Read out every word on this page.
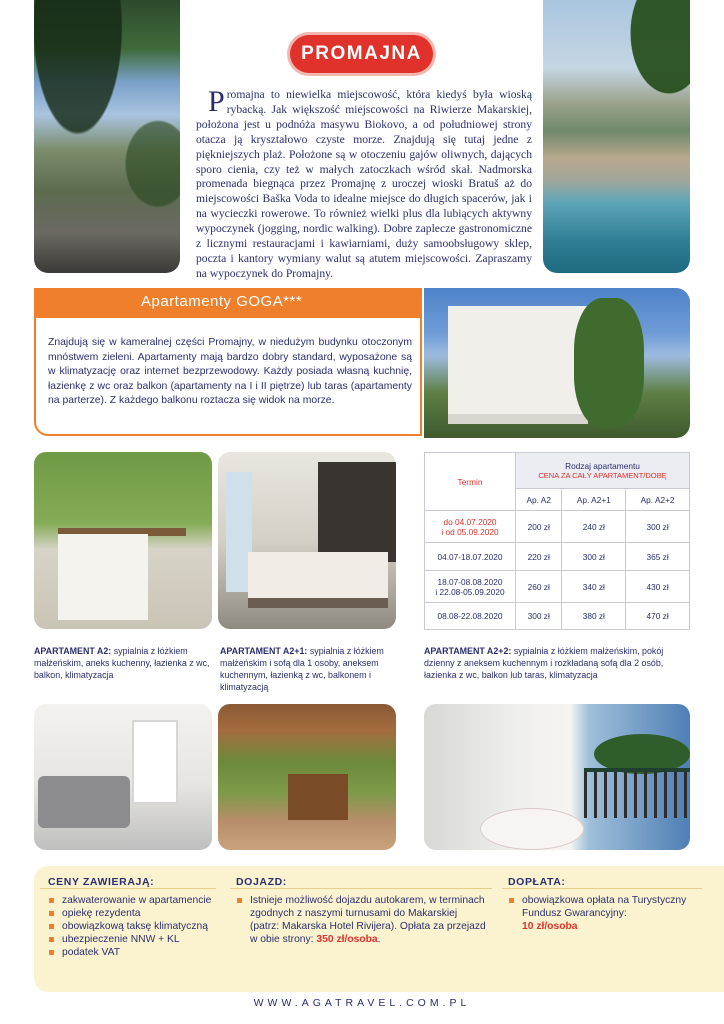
PROMAJNA
Promajna to niewielka miejscowość, która kiedyś była wioską rybacką. Jak większość miejscowości na Riwierze Makarskiej, położona jest u podnóża masywu Biokovo, a od południowej strony otacza ją kryształowo czyste morze. Znajdują się tutaj jedne z piękniejszych plaż. Położone są w otoczeniu gajów oliwnych, dających sporo cienia, czy też w małych zatoczkach wśród skał. Nadmorska promenada biegnąca przez Promajnę z uroczej wioski Bratuš aż do miejscowości Baška Voda to idealne miejsce do długich spacerów, jak i na wycieczki rowerowe. To również wielki plus dla lubiących aktywny wypoczynek (jogging, nordic walking). Dobre zaplecze gastronomiczne z licznymi restauracjami i kawiarniami, duży samoobsługowy sklep, poczta i kantory wymiany walut są atutem miejscowości. Zapraszamy na wypoczynek do Promajny.
Apartamenty GOGA***
Znajdują się w kameralnej części Promajny, w niedużym budynku otoczonym mnóstwem zieleni. Apartamenty mają bardzo dobry standard, wyposażone są w klimatyzację oraz internet bezprzewodowy. Każdy posiada własną kuchnię, łazienkę z wc oraz balkon (apartamenty na I i II piętrze) lub taras (apartamenty na parterze). Z każdego balkonu roztacza się widok na morze.
Termin	Rodzaj apartamentu
CENA ZA CAŁY APARTAMENT/DOBĘ		

	Ap. A2	Ap. A2+1	Ap. A2+2

do 04.07.2020
i od 05.09.2020	200 zł	240 zł	300 zł
04.07-18.07.2020	220 zł	300 zł	365 zł

18.07-08.08.2020
i 22.08-05.09.2020	260 zł	340 zł	430 zł
08.08-22.08.2020	300 zł	380 zł	470 zł
APARTAMENT A2: sypialnia z łóżkiem małżeńskim, aneks kuchenny, łazienka z wc, balkon, klimatyzacja
APARTAMENT A2+1: sypialnia z łóżkiem małżeńskim i sofą dla 1 osoby, aneksem kuchennym, łazienką z wc, balkonem i klimatyzacją
APARTAMENT A2+2: sypialnia z łóżkiem małżeńskim, pokój dzienny z aneksem kuchennym i rozkładaną sofą dla 2 osób, łazienka z wc, balkon lub taras, klimatyzacja
CENY ZAWIERAJĄ:	DOJAZD:	DOPŁATA:
zakwaterowanie w apartamencie
opiekę rezydenta
obowiązkową taksę klimatyczną
ubezpieczenie NNW + KL
podatek VAT
Istnieje możliwość dojazdu autokarem, w terminach zgodnych z naszymi turnusami do Makarskiej (patrz: Makarska Hotel Rivijera). Opłata za przejazd w obie strony: 350 zł/osoba.
obowiązkowa opłata na Turystyczny Fundusz Gwarancyjny:
10 zł/osoba
WWW.AGATRAVEL.COM.PL
